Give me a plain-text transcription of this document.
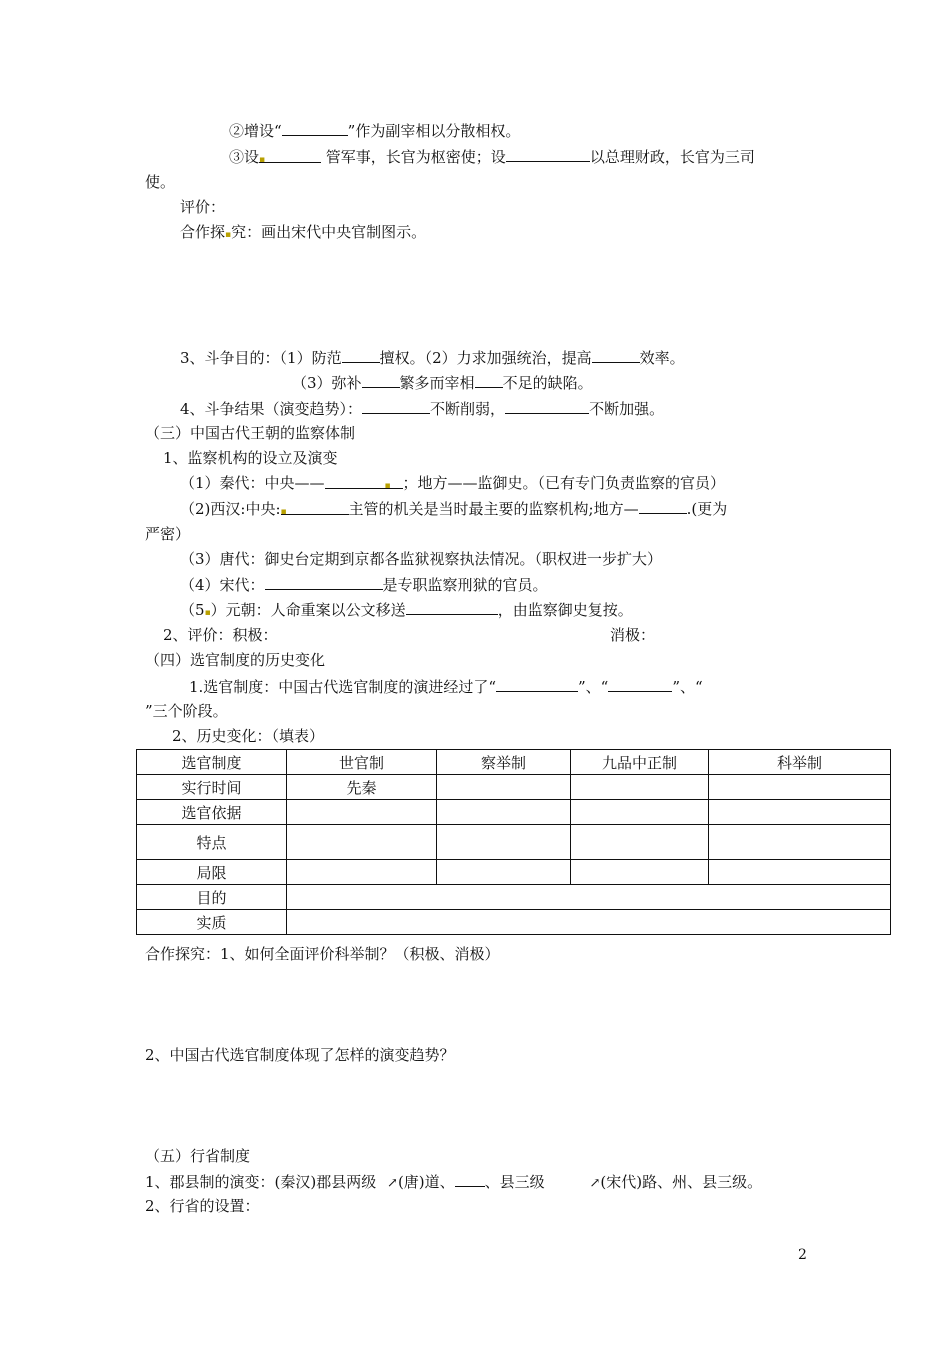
②增设“	”作为副宰相以分散相权。
③设▪	管军事，长官为枢密使；设	以总理财政，长官为三司
使。
评价：
合作探▪究：画出宋代中央官制图示。
3、斗争目的：（1）防范	擅权。（2）力求加强统治，提高	效率。
（3）弥补	繁多而宰相 不足的缺陷。
4、斗争结果（演变趋势）：	不断削弱，	不断加强。
（三）中国古代王朝的监察体制
1、监察机构的设立及演变
（1）秦代：中央——	▪ ；地方——监御史。（已有专门负责监察的官员）
（2)西汉:中央:▪	主管的机关是当时最主要的监察机构;地方—	.(更为
严密）
（3）唐代：御史台定期到京都各监狱视察执法情况。（职权进一步扩大）
（4）宋代：	是专职监察刑狱的官员。
（5▪）元朝：人命重案以公文移送	，由监察御史复按。
2、评价：积极：	消极：
（四）选官制度的历史变化
1.选官制度：中国古代选官制度的演进经过了“	”、“	”、“
”三个阶段。
2、历史变化：（填表）
选官制度	世官制	察举制	九品中正制	科举制
实行时间	先秦			
选官依据				
特点				
局限				
目的				
实质				
合作探究：1、如何全面评价科举制？（积极、消极）
2、中国古代选官制度体现了怎样的演变趋势？
（五）行省制度
1、郡县制的演变：(秦汉)郡县两级 ↗(唐)道、 、县三级	↗(宋代)路、州、县三级。
2、行省的设置：
2
